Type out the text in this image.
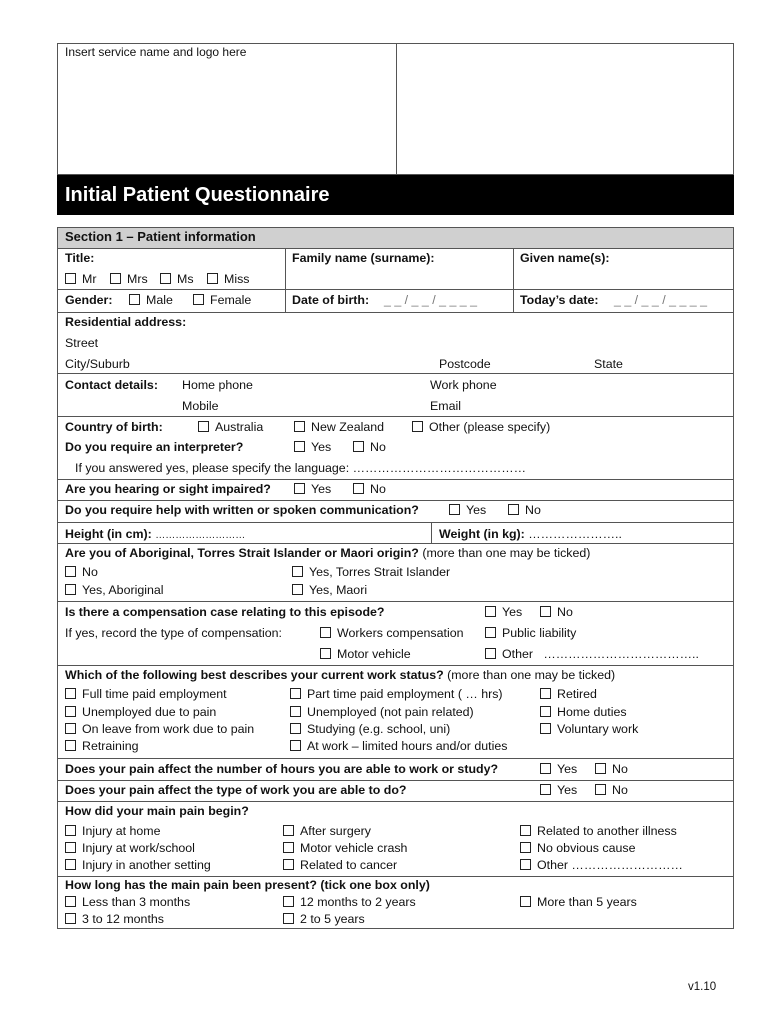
Insert service name and logo here
Initial Patient Questionnaire
Section 1 – Patient information
Title:	Family name (surname):	Given name(s):
Mr	Mrs	Ms	Miss
Gender:	Male	Female	Date of birth: _ _ / _ _ / _ _ _ _	Today’s date: _ _ / _ _ / _ _ _ _
Residential address:
Street
City/Suburb	Postcode	State
Contact details: Home phone	Work phone
Mobile	Email
Country of birth:	Australia	New Zealand	Other (please specify)
Do you require an interpreter?	Yes	No
If you answered yes, please specify the language: ……………………………………
Are you hearing or sight impaired?	Yes	No
Do you require help with written or spoken communication?	Yes	No
Height (in cm): ………………………	Weight (in kg): …………………..
Are you of Aboriginal, Torres Strait Islander or Maori origin? (more than one may be ticked)
No
Yes, Aboriginal
Yes, Torres Strait Islander
Yes, Maori
Is there a compensation case relating to this episode?	Yes	No
If yes, record the type of compensation:	Workers compensation	Public liability
Motor vehicle	Other ………………………………..
Which of the following best describes your current work status? (more than one may be ticked)
Full time paid employment
Unemployed due to pain
On leave from work due to pain
Retraining
Part time paid employment ( … hrs)
Unemployed (not pain related)
Studying (e.g. school, uni)
At work – limited hours and/or duties
Retired
Home duties
Voluntary work
Does your pain affect the number of hours you are able to work or study?	Yes	No
Does your pain affect the type of work you are able to do?	Yes	No
How did your main pain begin?
Injury at home
Injury at work/school
Injury in another setting
After surgery
Motor vehicle crash
Related to cancer
Related to another illness
No obvious cause
Other ………………………
How long has the main pain been present? (tick one box only)
Less than 3 months
3 to 12 months
12 months to 2 years
2 to 5 years
More than 5 years
v1.10
